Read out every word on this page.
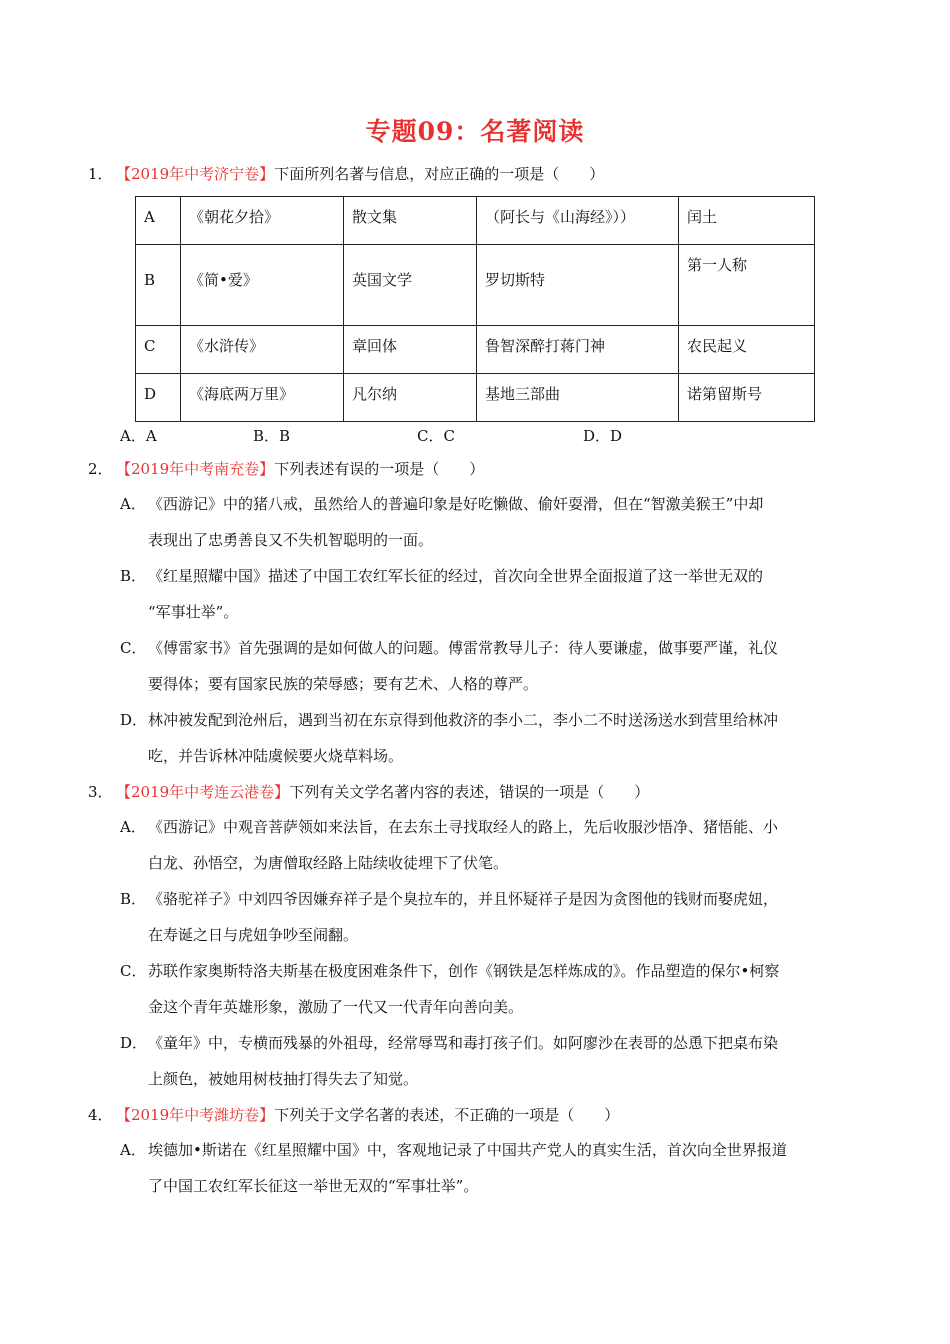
专题09：名著阅读
1． 【2019年中考济宁卷】下面所列名著与信息，对应正确的一项是（　　）
A	《朝花夕拾》	散文集	（阿长与《山海经》））	闰土
B	《简•爱》	英国文学	罗切斯特	第一人称
C	《水浒传》	章回体	鲁智深醉打蒋门神	农民起义
D	《海底两万里》	凡尔纳	基地三部曲	诺第留斯号
A．A	B．B	C．C	D．D
2． 【2019年中考南充卷】下列表述有误的一项是（　　）
A． 《西游记》中的猪八戒，虽然给人的普遍印象是好吃懒做、偷奸耍滑，但在“智激美猴王”中却
表现出了忠勇善良又不失机智聪明的一面。
B． 《红星照耀中国》描述了中国工农红军长征的经过，首次向全世界全面报道了这一举世无双的
“军事壮举”。
C． 《傅雷家书》首先强调的是如何做人的问题。傅雷常教导儿子：待人要谦虚，做事要严谨，礼仪
要得体；要有国家民族的荣辱感；要有艺术、人格的尊严。
D．林冲被发配到沧州后，遇到当初在东京得到他救济的李小二，李小二不时送汤送水到营里给林冲
吃，并告诉林冲陆虞候要火烧草料场。
3． 【2019年中考连云港卷】下列有关文学名著内容的表述，错误的一项是（　　）
A． 《西游记》中观音菩萨领如来法旨，在去东土寻找取经人的路上，先后收服沙悟净、猪悟能、小
白龙、孙悟空，为唐僧取经路上陆续收徒埋下了伏笔。
B． 《骆驼祥子》中刘四爷因嫌弃祥子是个臭拉车的，并且怀疑祥子是因为贪图他的钱财而娶虎妞，
在寿诞之日与虎妞争吵至闹翻。
C． 苏联作家奥斯特洛夫斯基在极度困难条件下，创作《钢铁是怎样炼成的》。作品塑造的保尔•柯察
金这个青年英雄形象，激励了一代又一代青年向善向美。
D．《童年》中，专横而残暴的外祖母，经常辱骂和毒打孩子们。如阿廖沙在表哥的怂恿下把桌布染
上颜色，被她用树枝抽打得失去了知觉。
4． 【2019年中考潍坊卷】下列关于文学名著的表述，不正确的一项是（　　）
A． 埃德加•斯诺在《红星照耀中国》中，客观地记录了中国共产党人的真实生活，首次向全世界报道
了中国工农红军长征这一举世无双的“军事壮举”。
